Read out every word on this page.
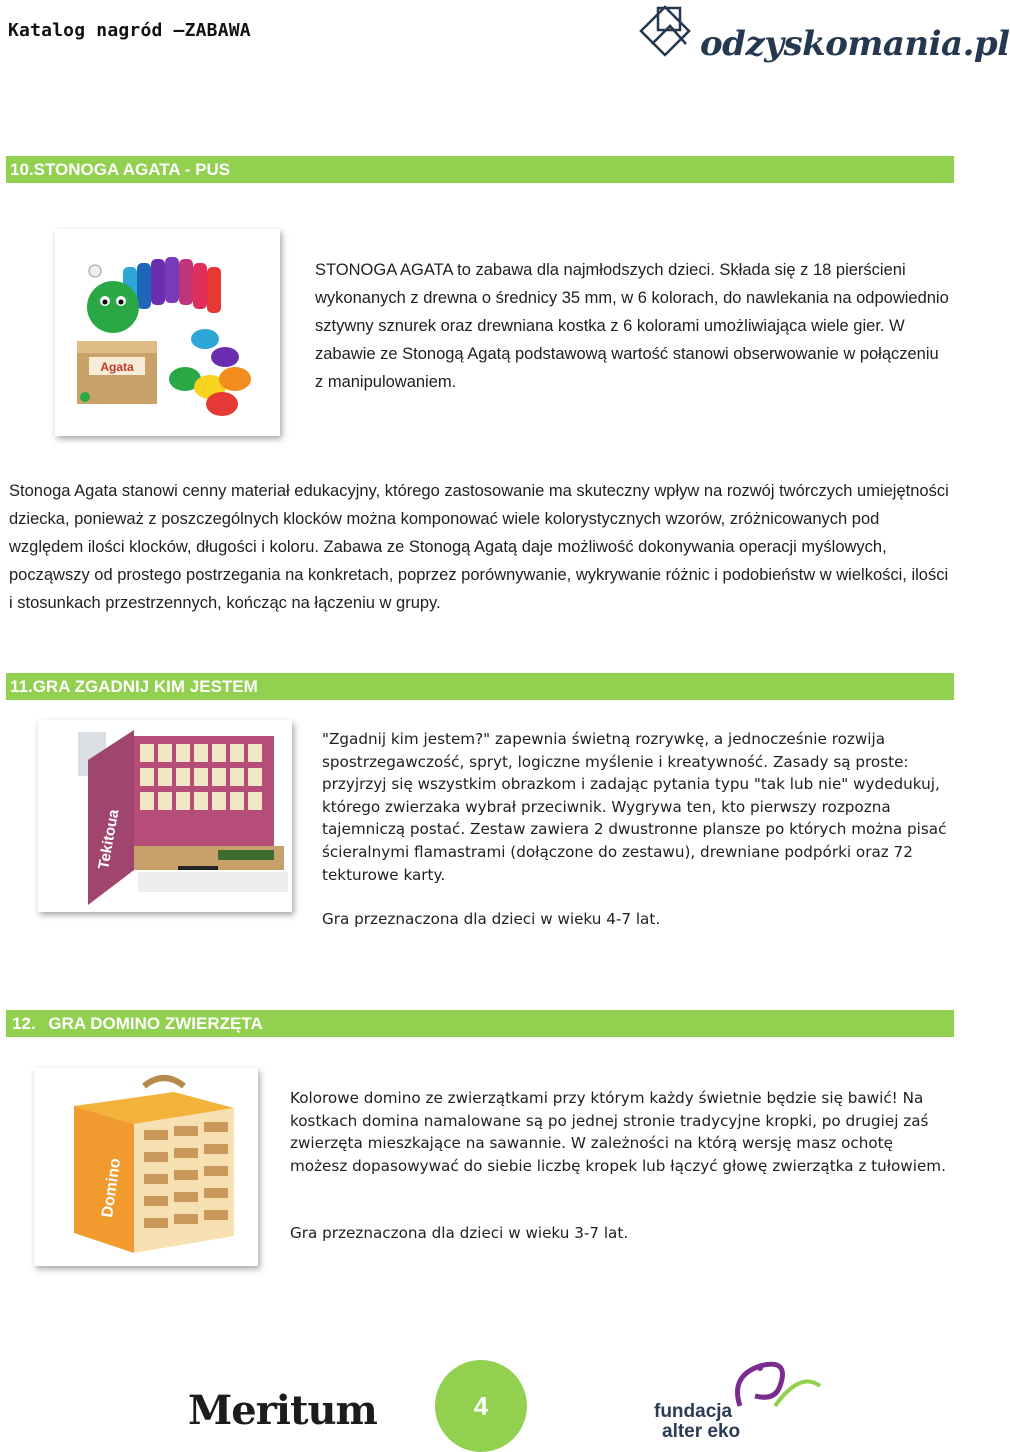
Katalog nagród –ZABAWA	odzyskomania.pl
10.STONOGA AGATA - PUS
Agata
STONOGA AGATA to zabawa dla najmłodszych dzieci. Składa się z 18 pierścieni wykonanych z drewna o średnicy 35 mm, w 6 kolorach, do nawlekania na odpowiednio sztywny sznurek oraz drewniana kostka z 6 kolorami umożliwiająca wiele gier. W zabawie ze Stonogą Agatą podstawową wartość stanowi obserwowanie w połączeniu z manipulowaniem.
Stonoga Agata stanowi cenny materiał edukacyjny, którego zastosowanie ma skuteczny wpływ na rozwój twórczych umiejętności dziecka, ponieważ z poszczególnych klocków można komponować wiele kolorystycznych wzorów, zróżnicowanych pod względem ilości klocków, długości i koloru. Zabawa ze Stonogą Agatą daje możliwość dokonywania operacji myślowych, począwszy od prostego postrzegania na konkretach, poprzez porównywanie, wykrywanie różnic i podobieństw w wielkości, ilości i stosunkach przestrzennych, kończąc na łączeniu w grupy.
11.GRA ZGADNIJ KIM JESTEM
Tekitoua
"Zgadnij kim jestem?" zapewnia świetną rozrywkę, a jednocześnie rozwija spostrzegawczość, spryt, logiczne myślenie i kreatywność. Zasady są proste: przyjrzyj się wszystkim obrazkom i zadając pytania typu "tak lub nie" wydedukuj, którego zwierzaka wybrał przeciwnik. Wygrywa ten, kto pierwszy rozpozna tajemniczą postać. Zestaw zawiera 2 dwustronne plansze po których można pisać ścieralnymi flamastrami (dołączone do zestawu), drewniane podpórki oraz 72 tekturowe karty.
Gra przeznaczona dla dzieci w wieku 4-7 lat.
12. GRA DOMINO ZWIERZĘTA
Domino
Kolorowe domino ze zwierzątkami przy którym każdy świetnie będzie się bawić! Na kostkach domina namalowane są po jednej stronie tradycyjne kropki, po drugiej zaś zwierzęta mieszkające na sawannie. W zależności na którą wersję masz ochotę możesz dopasowywać do siebie liczbę kropek lub łączyć głowę zwierzątka z tułowiem.
Gra przeznaczona dla dzieci w wieku 3-7 lat.
Meritum	4	fundacja
alter eko
